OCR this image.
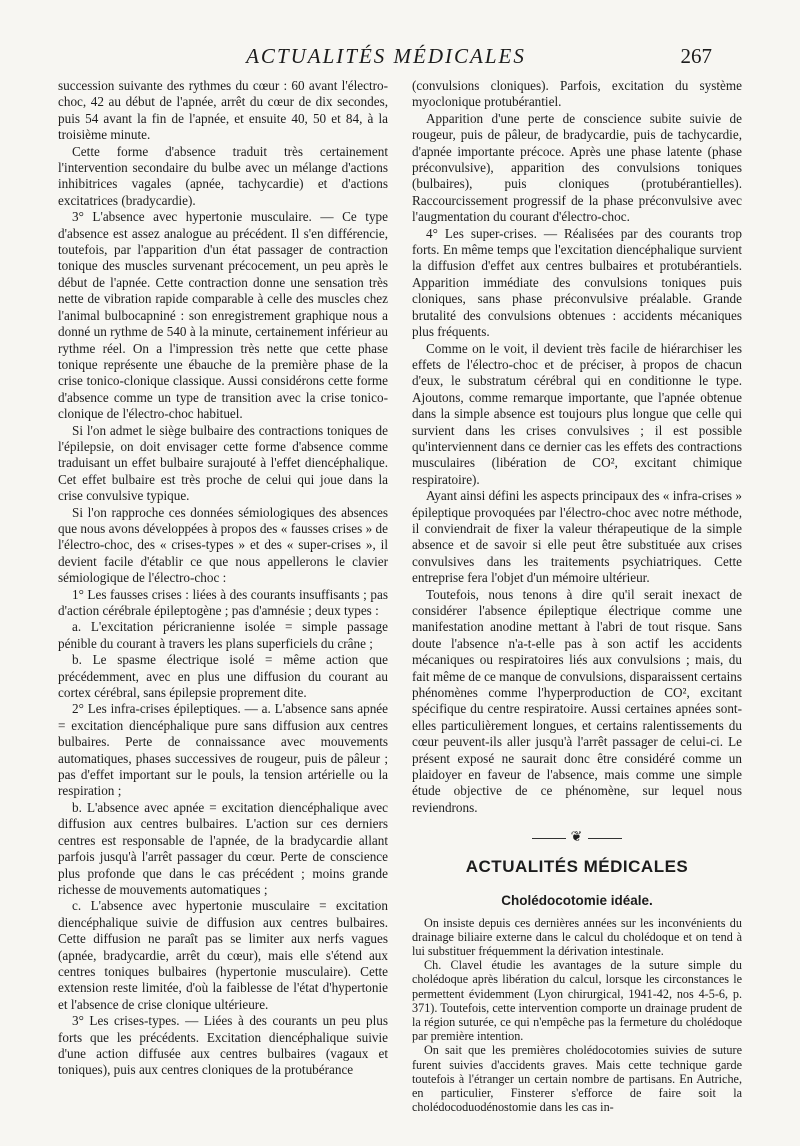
ACTUALITÉS MÉDICALES	267

succession suivante des rythmes du cœur : 60 avant l'électro-choc, 42 au début de l'apnée, arrêt du cœur de dix secondes, puis 54 avant la fin de l'apnée, et ensuite 40, 50 et 84, à la troisième minute.

Cette forme d'absence traduit très certainement l'intervention secondaire du bulbe avec un mélange d'actions inhibitrices vagales (apnée, tachycardie) et d'actions excitatrices (bradycardie).

3° L'absence avec hypertonie musculaire. — Ce type d'absence est assez analogue au précédent. Il s'en différencie, toutefois, par l'apparition d'un état passager de contraction tonique des muscles survenant précocement, un peu après le début de l'apnée. Cette contraction donne une sensation très nette de vibration rapide comparable à celle des muscles chez l'animal bulbocapniné : son enregistrement graphique nous a donné un rythme de 540 à la minute, certainement inférieur au rythme réel. On a l'impression très nette que cette phase tonique représente une ébauche de la première phase de la crise tonico-clonique classique. Aussi considérons cette forme d'absence comme un type de transition avec la crise tonico-clonique de l'électro-choc habituel.

Si l'on admet le siège bulbaire des contractions toniques de l'épilepsie, on doit envisager cette forme d'absence comme traduisant un effet bulbaire surajouté à l'effet diencéphalique. Cet effet bulbaire est très proche de celui qui joue dans la crise convulsive typique.

Si l'on rapproche ces données sémiologiques des absences que nous avons développées à propos des « fausses crises » de l'électro-choc, des « crises-types » et des « super-crises », il devient facile d'établir ce que nous appellerons le clavier sémiologique de l'électro-choc :

1° Les fausses crises : liées à des courants insuffisants ; pas d'action cérébrale épileptogène ; pas d'amnésie ; deux types :

a. L'excitation péricranienne isolée = simple passage pénible du courant à travers les plans superficiels du crâne ;

b. Le spasme électrique isolé = même action que précédemment, avec en plus une diffusion du courant au cortex cérébral, sans épilepsie proprement dite.

2° Les infra-crises épileptiques. — a. L'absence sans apnée = excitation diencéphalique pure sans diffusion aux centres bulbaires. Perte de connaissance avec mouvements automatiques, phases successives de rougeur, puis de pâleur ; pas d'effet important sur le pouls, la tension artérielle ou la respiration ;

b. L'absence avec apnée = excitation diencéphalique avec diffusion aux centres bulbaires. L'action sur ces derniers centres est responsable de l'apnée, de la bradycardie allant parfois jusqu'à l'arrêt passager du cœur. Perte de conscience plus profonde que dans le cas précédent ; moins grande richesse de mouvements automatiques ;

c. L'absence avec hypertonie musculaire = excitation diencéphalique suivie de diffusion aux centres bulbaires. Cette diffusion ne paraît pas se limiter aux nerfs vagues (apnée, bradycardie, arrêt du cœur), mais elle s'étend aux centres toniques bulbaires (hypertonie musculaire). Cette extension reste limitée, d'où la faiblesse de l'état d'hypertonie et l'absence de crise clonique ultérieure.

3° Les crises-types. — Liées à des courants un peu plus forts que les précédents. Excitation diencéphalique suivie d'une action diffusée aux centres bulbaires (vagaux et toniques), puis aux centres cloniques de la protubérance

(convulsions cloniques). Parfois, excitation du système myoclonique protubérantiel.

Apparition d'une perte de conscience subite suivie de rougeur, puis de pâleur, de bradycardie, puis de tachycardie, d'apnée importante précoce. Après une phase latente (phase préconvulsive), apparition des convulsions toniques (bulbaires), puis cloniques (protubérantielles). Raccourcissement progressif de la phase préconvulsive avec l'augmentation du courant d'électro-choc.

4° Les super-crises. — Réalisées par des courants trop forts. En même temps que l'excitation diencéphalique survient la diffusion d'effet aux centres bulbaires et protubérantiels. Apparition immédiate des convulsions toniques puis cloniques, sans phase préconvulsive préalable. Grande brutalité des convulsions obtenues : accidents mécaniques plus fréquents.

Comme on le voit, il devient très facile de hiérarchiser les effets de l'électro-choc et de préciser, à propos de chacun d'eux, le substratum cérébral qui en conditionne le type. Ajoutons, comme remarque importante, que l'apnée obtenue dans la simple absence est toujours plus longue que celle qui survient dans les crises convulsives ; il est possible qu'interviennent dans ce dernier cas les effets des contractions musculaires (libération de CO², excitant chimique respiratoire).

Ayant ainsi défini les aspects principaux des « infra-crises » épileptique provoquées par l'électro-choc avec notre méthode, il conviendrait de fixer la valeur thérapeutique de la simple absence et de savoir si elle peut être substituée aux crises convulsives dans les traitements psychiatriques. Cette entreprise fera l'objet d'un mémoire ultérieur.

Toutefois, nous tenons à dire qu'il serait inexact de considérer l'absence épileptique électrique comme une manifestation anodine mettant à l'abri de tout risque. Sans doute l'absence n'a-t-elle pas à son actif les accidents mécaniques ou respiratoires liés aux convulsions ; mais, du fait même de ce manque de convulsions, disparaissent certains phénomènes comme l'hyperproduction de CO², excitant spécifique du centre respiratoire. Aussi certaines apnées sont-elles particulièrement longues, et certains ralentissements du cœur peuvent-ils aller jusqu'à l'arrêt passager de celui-ci. Le présent exposé ne saurait donc être considéré comme un plaidoyer en faveur de l'absence, mais comme une simple étude objective de ce phénomène, sur lequel nous reviendrons.

❦
ACTUALITÉS MÉDICALES
Cholédocotomie idéale.

On insiste depuis ces dernières années sur les inconvénients du drainage biliaire externe dans le calcul du cholédoque et on tend à lui substituer fréquemment la dérivation intestinale.

Ch. Clavel étudie les avantages de la suture simple du cholédoque après libération du calcul, lorsque les circonstances le permettent évidemment (Lyon chirurgical, 1941-42, nos 4-5-6, p. 371). Toutefois, cette intervention comporte un drainage prudent de la région suturée, ce qui n'empêche pas la fermeture du cholédoque par première intention.

On sait que les premières cholédocotomies suivies de suture furent suivies d'accidents graves. Mais cette technique garde toutefois à l'étranger un certain nombre de partisans. En Autriche, en particulier, Finsterer s'efforce de faire soit la cholédocoduodénostomie dans les cas in-
